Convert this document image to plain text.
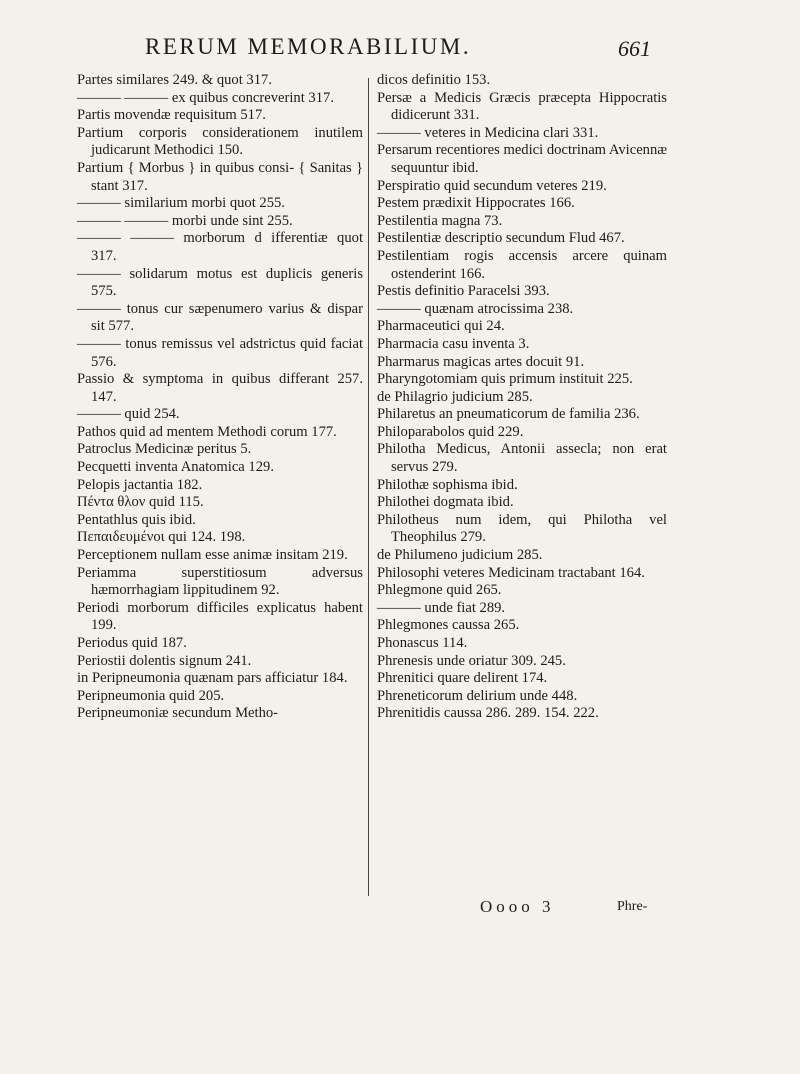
RERUM MEMORABILIUM.	661
Partes similares 249. & quot 317.
——— ——— ex quibus concreverint 317.
Partis movendæ requisitum 517.
Partium corporis considerationem inutilem judicarunt Methodici 150.
Partium { Morbus } in quibus consi- { Sanitas } stant 317.
——— similarium morbi quot 255.
——— ——— morbi unde sint 255.
——— ——— morborum d ifferentiæ quot 317.
——— solidarum motus est duplicis generis 575.
——— tonus cur sæpenumero varius & dispar sit 577.
——— tonus remissus vel adstrictus quid faciat 576.
Passio & symptoma in quibus differant 257. 147.
——— quid 254.
Pathos quid ad mentem Methodi corum 177.
Patroclus Medicinæ peritus 5.
Pecquetti inventa Anatomica 129.
Pelopis jactantia 182.
Πέντα θλον quid 115.
Pentathlus quis ibid.
Πεπαιδευμένοι qui 124. 198.
Perceptionem nullam esse animæ insitam 219.
Periamma superstitiosum adversus hæmorrhagiam lippitudinem 92.
Periodi morborum difficiles explicatus habent 199.
Periodus quid 187.
Periostii dolentis signum 241.
in Peripneumonia quænam pars afficiatur 184.
Peripneumonia quid 205.
Peripneumoniæ secundum Metho-
dicos definitio 153.
Persæ a Medicis Græcis præcepta Hippocratis didicerunt 331.
——— veteres in Medicina clari 331.
Persarum recentiores medici doctrinam Avicennæ sequuntur ibid.
Perspiratio quid secundum veteres 219.
Pestem prædixit Hippocrates 166.
Pestilentia magna 73.
Pestilentiæ descriptio secundum Flud 467.
Pestilentiam rogis accensis arcere quinam ostenderint 166.
Pestis definitio Paracelsi 393.
——— quænam atrocissima 238.
Pharmaceutici qui 24.
Pharmacia casu inventa 3.
Pharmarus magicas artes docuit 91.
Pharyngotomiam quis primum instituit 225.
de Philagrio judicium 285.
Philaretus an pneumaticorum de familia 236.
Philoparabolos quid 229.
Philotha Medicus, Antonii assecla; non erat servus 279.
Philothæ sophisma ibid.
Philothei dogmata ibid.
Philotheus num idem, qui Philotha vel Theophilus 279.
de Philumeno judicium 285.
Philosophi veteres Medicinam tractabant 164.
Phlegmone quid 265.
——— unde fiat 289.
Phlegmones caussa 265.
Phonascus 114.
Phrenesis unde oriatur 309. 245.
Phrenitici quare delirent 174.
Phreneticorum delirium unde 448.
Phrenitidis caussa 286. 289. 154. 222.
Oooo 3	Phre-
